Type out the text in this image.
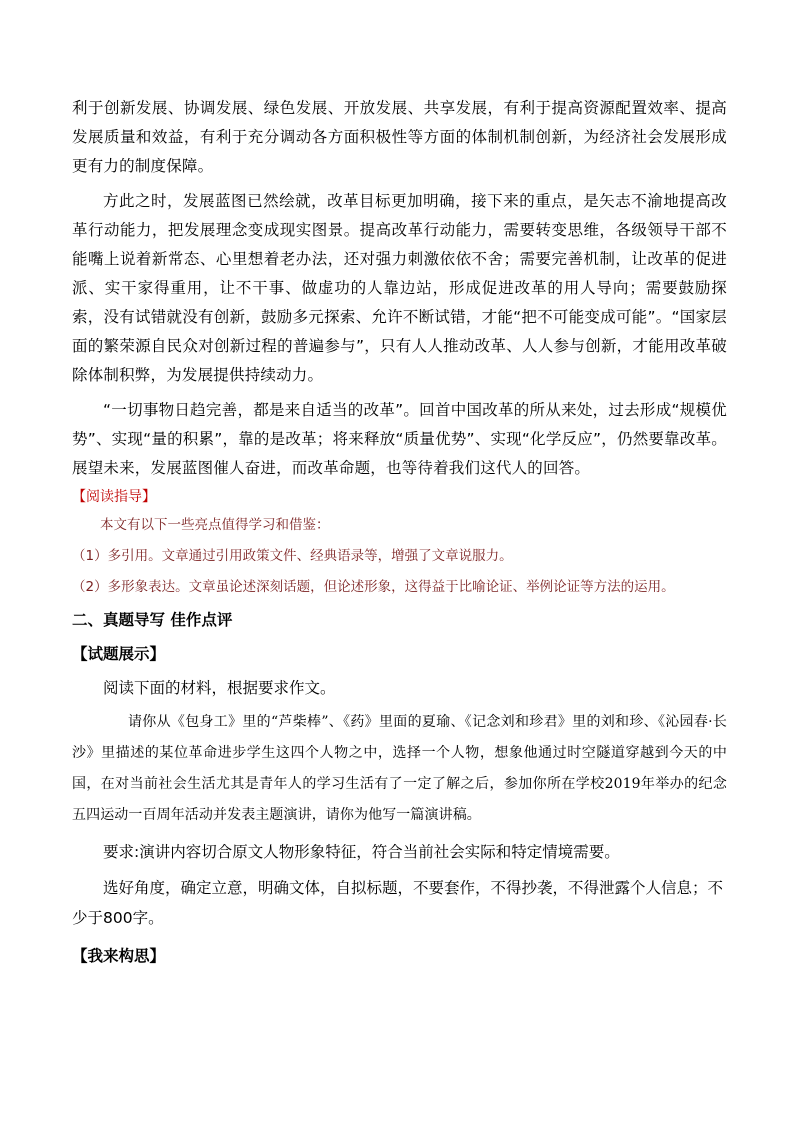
利于创新发展、协调发展、绿色发展、开放发展、共享发展，有利于提高资源配置效率、提高发展质量和效益，有利于充分调动各方面积极性等方面的体制机制创新，为经济社会发展形成更有力的制度保障。

方此之时，发展蓝图已然绘就，改革目标更加明确，接下来的重点，是矢志不渝地提高改革行动能力，把发展理念变成现实图景。提高改革行动能力，需要转变思维，各级领导干部不能嘴上说着新常态、心里想着老办法，还对强力刺激依依不舍；需要完善机制，让改革的促进派、实干家得重用，让不干事、做虚功的人靠边站，形成促进改革的用人导向；需要鼓励探索，没有试错就没有创新，鼓励多元探索、允许不断试错，才能“把不可能变成可能”。“国家层面的繁荣源自民众对创新过程的普遍参与”，只有人人推动改革、人人参与创新，才能用改革破除体制积弊，为发展提供持续动力。

“一切事物日趋完善，都是来自适当的改革”。回首中国改革的所从来处，过去形成“规模优势”、实现“量的积累”，靠的是改革；将来释放“质量优势”、实现“化学反应”，仍然要靠改革。展望未来，发展蓝图催人奋进，而改革命题，也等待着我们这代人的回答。

【阅读指导】

本文有以下一些亮点值得学习和借鉴：

（1）多引用。文章通过引用政策文件、经典语录等，增强了文章说服力。

（2）多形象表达。文章虽论述深刻话题，但论述形象，这得益于比喻论证、举例论证等方法的运用。

二、真题导写 佳作点评

【试题展示】

阅读下面的材料，根据要求作文。

请你从《包身工》里的“芦柴棒”、《药》里面的夏瑜、《记念刘和珍君》里的刘和珍、《沁园春·长沙》里描述的某位革命进步学生这四个人物之中，选择一个人物，想象他通过时空隧道穿越到今天的中国，在对当前社会生活尤其是青年人的学习生活有了一定了解之后，参加你所在学校2019年举办的纪念五四运动一百周年活动并发表主题演讲，请你为他写一篇演讲稿。

要求:演讲内容切合原文人物形象特征，符合当前社会实际和特定情境需要。

选好角度，确定立意，明确文体，自拟标题，不要套作，不得抄袭，不得泄露个人信息；不少于800字。

【我来构思】
